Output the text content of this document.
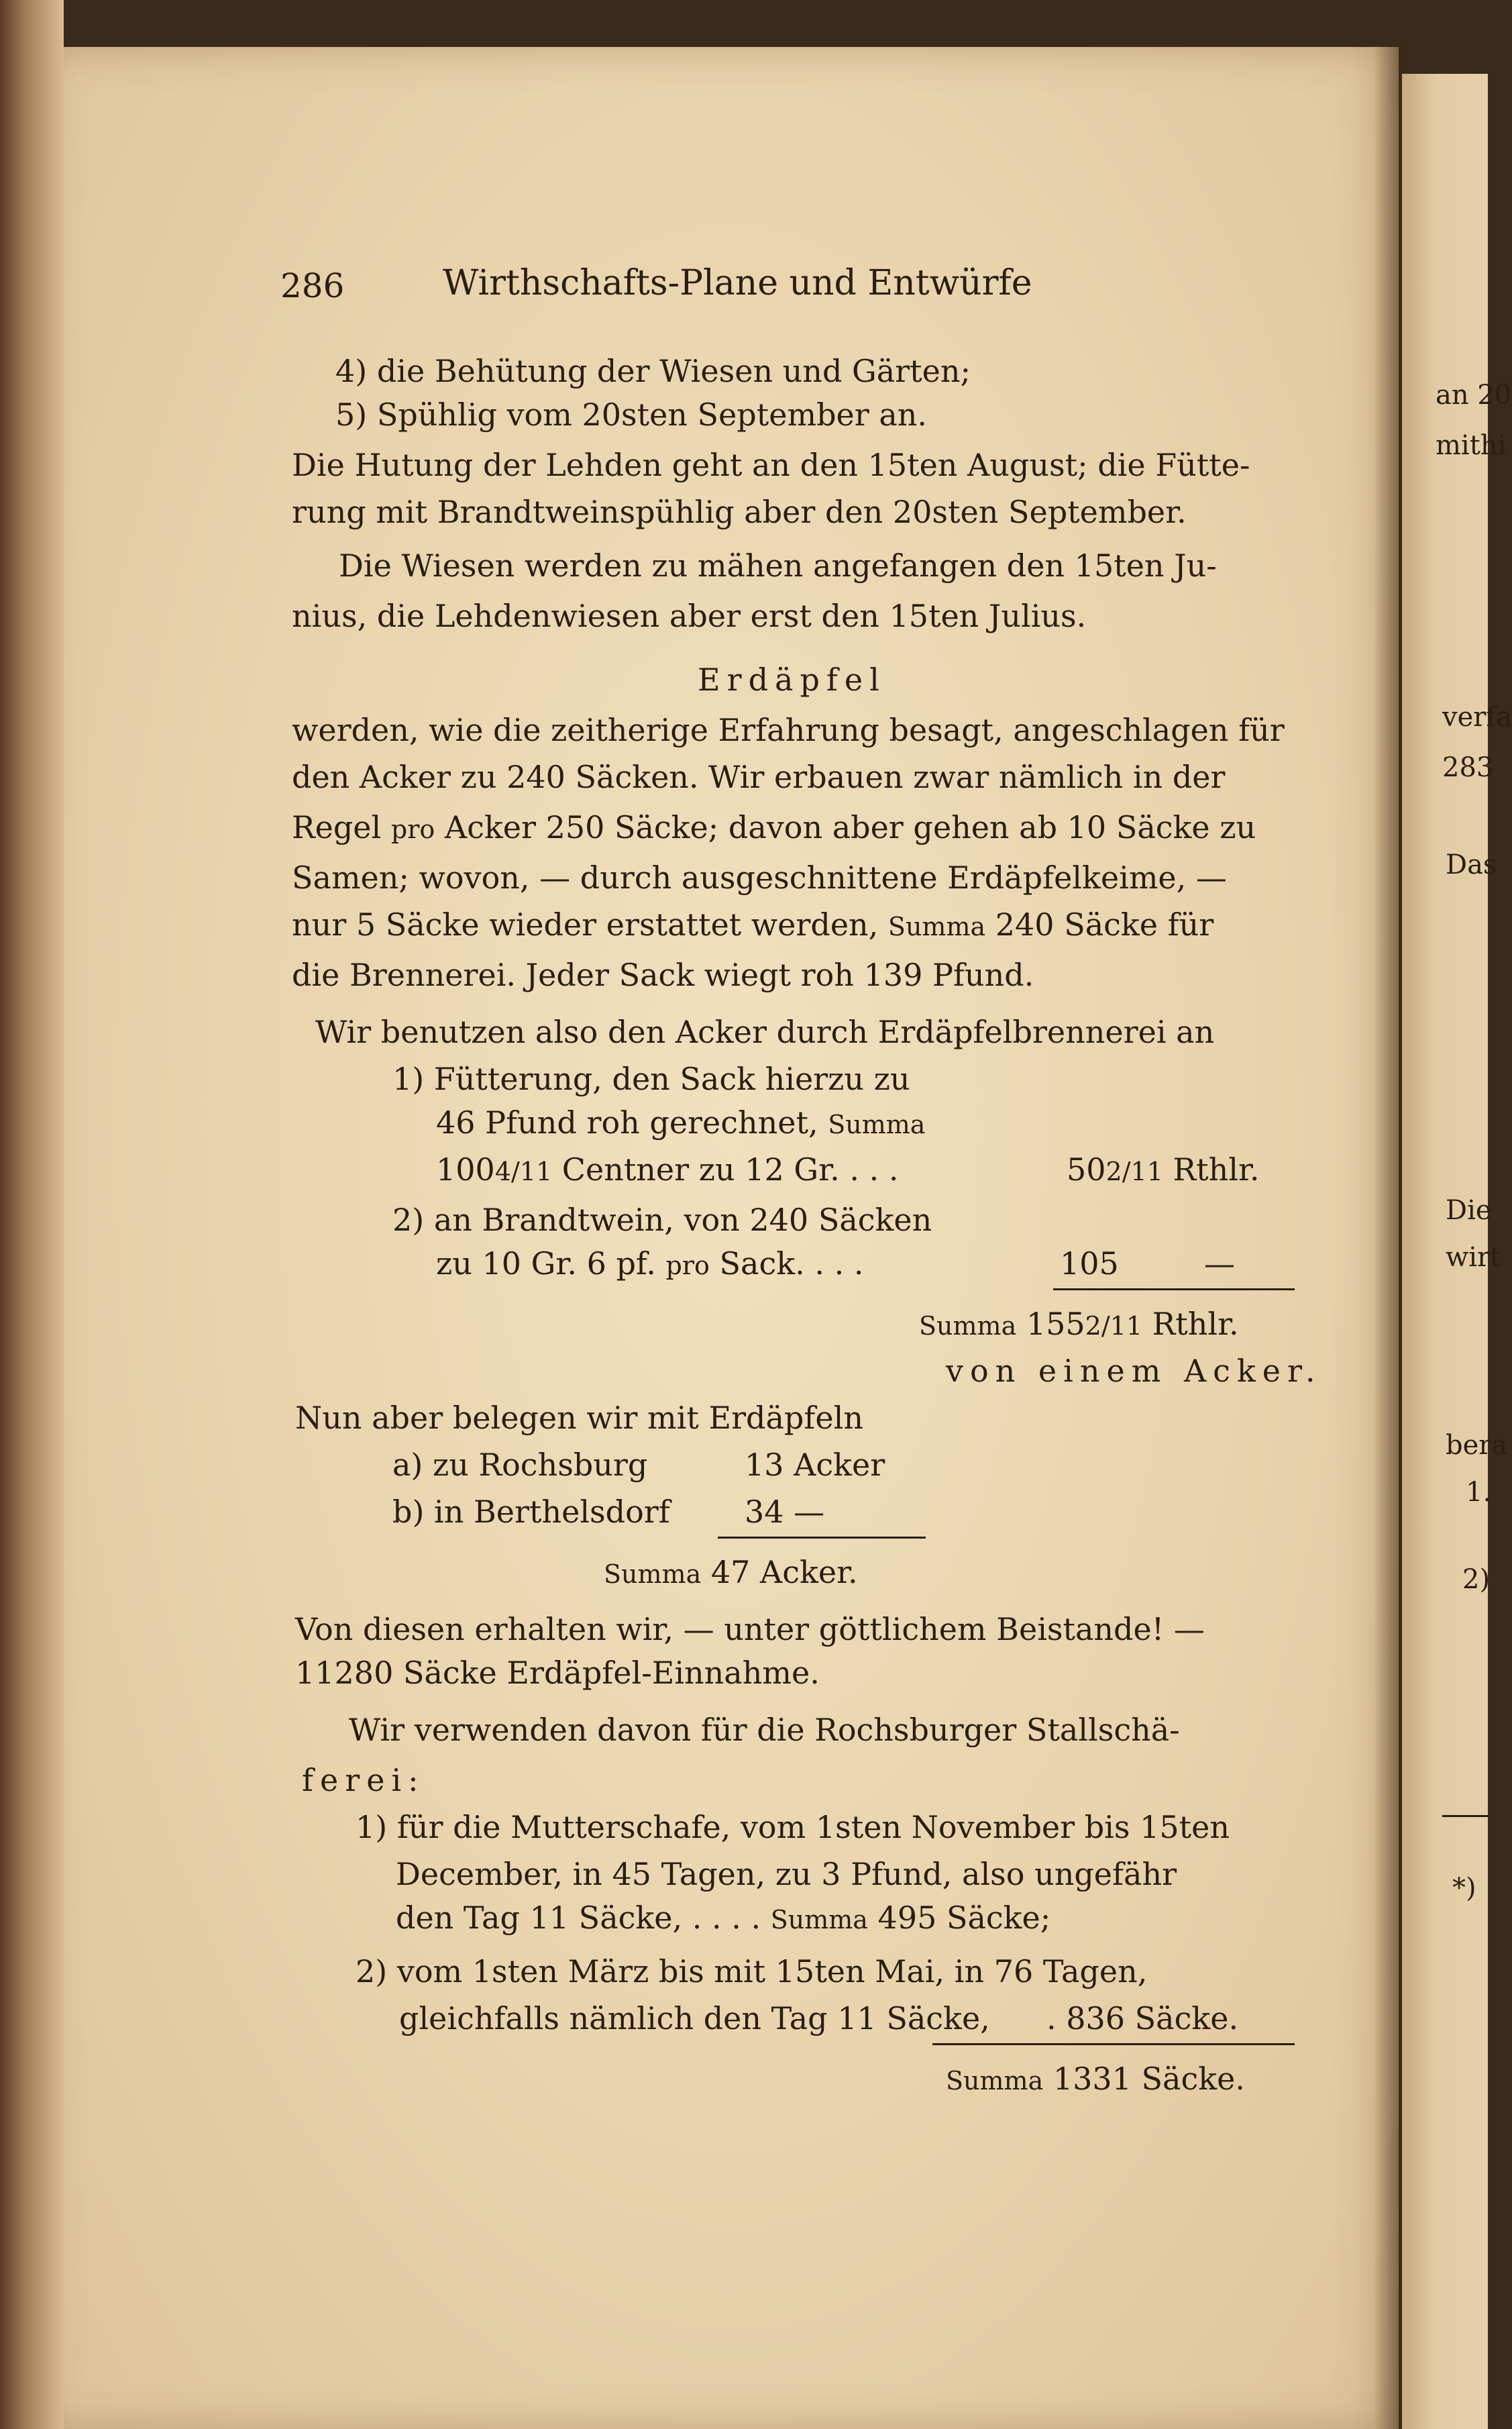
286	Wirthschafts-Plane und Entwürfe
4) die Behütung der Wiesen und Gärten;
5) Spühlig vom 20sten September an.
Die Hutung der Lehden geht an den 15ten August; die Fütte-
rung mit Brandtweinspühlig aber den 20sten September.
Die Wiesen werden zu mähen angefangen den 15ten Ju-
nius, die Lehdenwiesen aber erst den 15ten Julius.
Erdäpfel
werden, wie die zeitherige Erfahrung besagt, angeschlagen für
den Acker zu 240 Säcken. Wir erbauen zwar nämlich in der
Regel pro Acker 250 Säcke; davon aber gehen ab 10 Säcke zu
Samen; wovon, — durch ausgeschnittene Erdäpfelkeime, —
nur 5 Säcke wieder erstattet werden, Summa 240 Säcke für
die Brennerei. Jeder Sack wiegt roh 139 Pfund.
Wir benutzen also den Acker durch Erdäpfelbrennerei an
1) Fütterung, den Sack hierzu zu
46 Pfund roh gerechnet, Summa
1004/11 Centner zu 12 Gr. . . .	502/11 Rthlr.
2) an Brandtwein, von 240 Säcken
zu 10 Gr. 6 pf. pro Sack. . . .	105	—
Summa 1552/11 Rthlr.
von einem Acker.
Nun aber belegen wir mit Erdäpfeln
a) zu Rochsburg	13 Acker
b) in Berthelsdorf 34 —
Summa 47 Acker.
Von diesen erhalten wir, — unter göttlichem Beistande! —
11280 Säcke Erdäpfel-Einnahme.
Wir verwenden davon für die Rochsburger Stallschä-
ferei:
1) für die Mutterschafe, vom 1sten November bis 15ten
December, in 45 Tagen, zu 3 Pfund, also ungefähr
den Tag 11 Säcke, . . . . Summa 495 Säcke;
2) vom 1sten März bis mit 15ten Mai, in 76 Tagen,
gleichfalls nämlich den Tag 11 Säcke, . 836 Säcke.
Summa 1331 Säcke.
an 20
mithi
verfa
283
Das
Die
wirt
bera
1.
2)
*)
